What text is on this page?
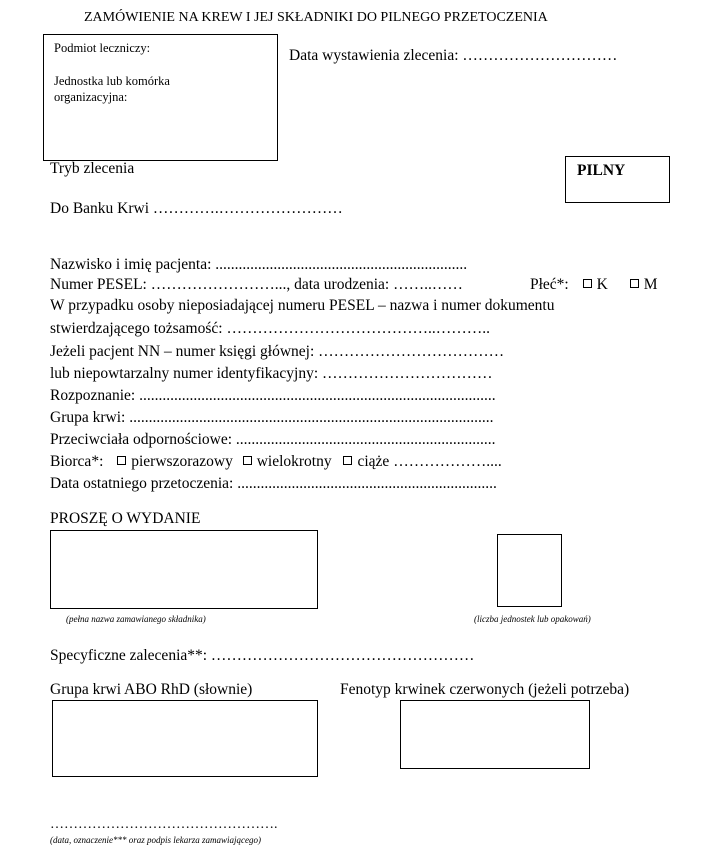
ZAMÓWIENIE NA KREW I JEJ SKŁADNIKI DO PILNEGO PRZETOCZENIA
Podmiot leczniczy:
Jednostka lub komórka
organizacyjna:
Data wystawienia zlecenia: …………………………
Tryb zlecenia	PILNY
Do Banku Krwi ………….……………………
Nazwisko i imię pacjenta: .................................................................
Numer PESEL: ……………………..., data urodzenia: ……..……	Płeć*: K M
W przypadku osoby nieposiadającej numeru PESEL – nazwa i numer dokumentu
stwierdzającego tożsamość: …………………………………..………..
Jeżeli pacjent NN – numer księgi głównej: ………………………………
lub niepowtarzalny numer identyfikacyjny: ……………………………
Rozpoznanie: ............................................................................................
Grupa krwi: ..............................................................................................
Przeciwciała odpornościowe: ...................................................................
Biorca*: pierwszorazowy wielokrotny ciąże ………………....
Data ostatniego przetoczenia: ...................................................................
PROSZĘ O WYDANIE
(pełna nazwa zamawianego składnika)	(liczba jednostek lub opakowań)
Specyficzne zalecenia**: ……………………………………………
Grupa krwi ABO RhD (słownie)	Fenotyp krwinek czerwonych (jeżeli potrzeba)
………………………………………….
(data, oznaczenie*** oraz podpis lekarza zamawiającego)
